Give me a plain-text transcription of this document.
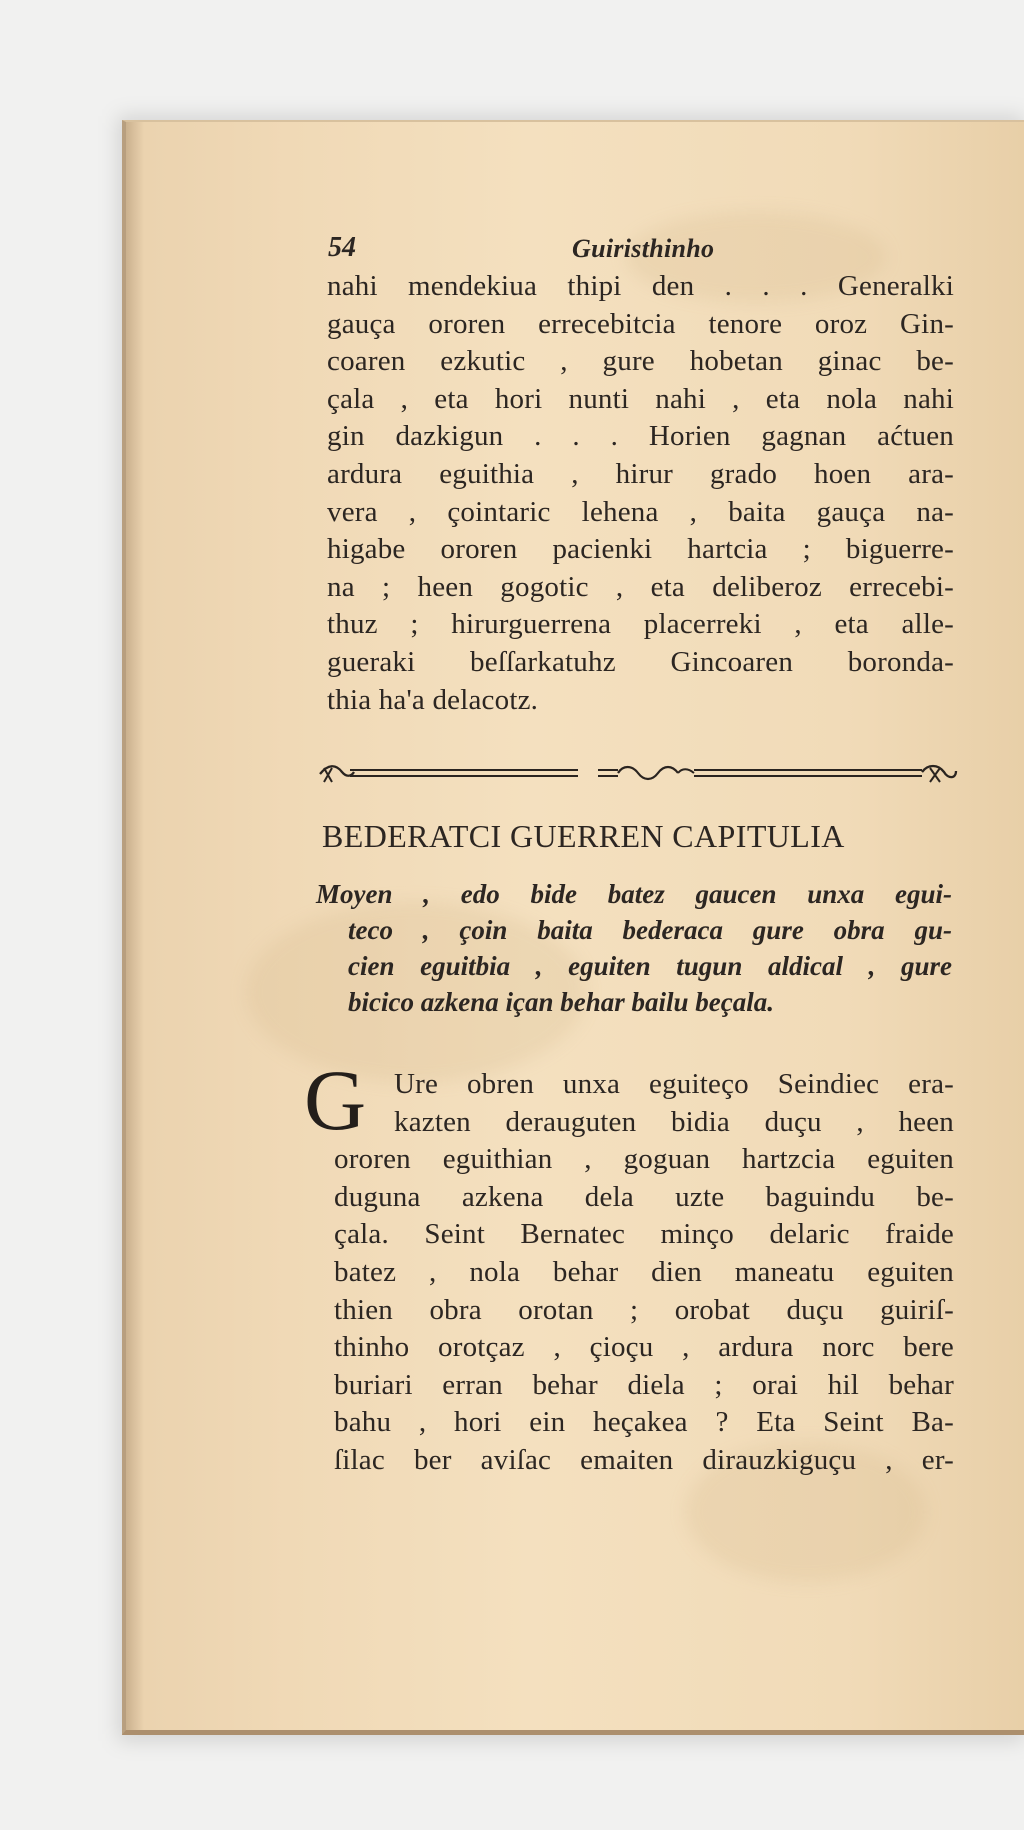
54	Guiristhinho
nahi mendekiua thipi den . . . Generalki
gauça ororen errecebitcia tenore oroz Gin-
coaren ezkutic , gure hobetan ginac be-
çala , eta hori nunti nahi , eta nola nahi
gin dazkigun . . . Horien gagnan aćtuen
ardura eguithia , hirur grado hoen ara-
vera , çointaric lehena , baita gauça na-
higabe ororen pacienki hartcia ; biguerre-
na ; heen gogotic , eta deliberoz errecebi-
thuz ; hirurguerrena placerreki , eta alle-
gueraki beſſarkatuhz Gincoaren boronda-
thia ha'a delacotz.
BEDERATCI GUERREN CAPITULIA
Moyen , edo bide batez gaucen unxa egui-
teco , çoin baita bederaca gure obra gu-
cien eguitbia , eguiten tugun aldical , gure
bicico azkena içan behar bailu beçala.
G Ure obren unxa eguiteço Seindiec era-
kazten derauguten bidia duçu , heen
ororen eguithian , goguan hartzcia eguiten
duguna azkena dela uzte baguindu be-
çala. Seint Bernatec minço delaric fraide
batez , nola behar dien maneatu eguiten
thien obra orotan ; orobat duçu guiriſ-
thinho orotçaz , çioçu , ardura norc bere
buriari erran behar diela ; orai hil behar
bahu , hori ein heçakea ? Eta Seint Ba-
ſilac ber aviſac emaiten dirauzkiguçu , er-
